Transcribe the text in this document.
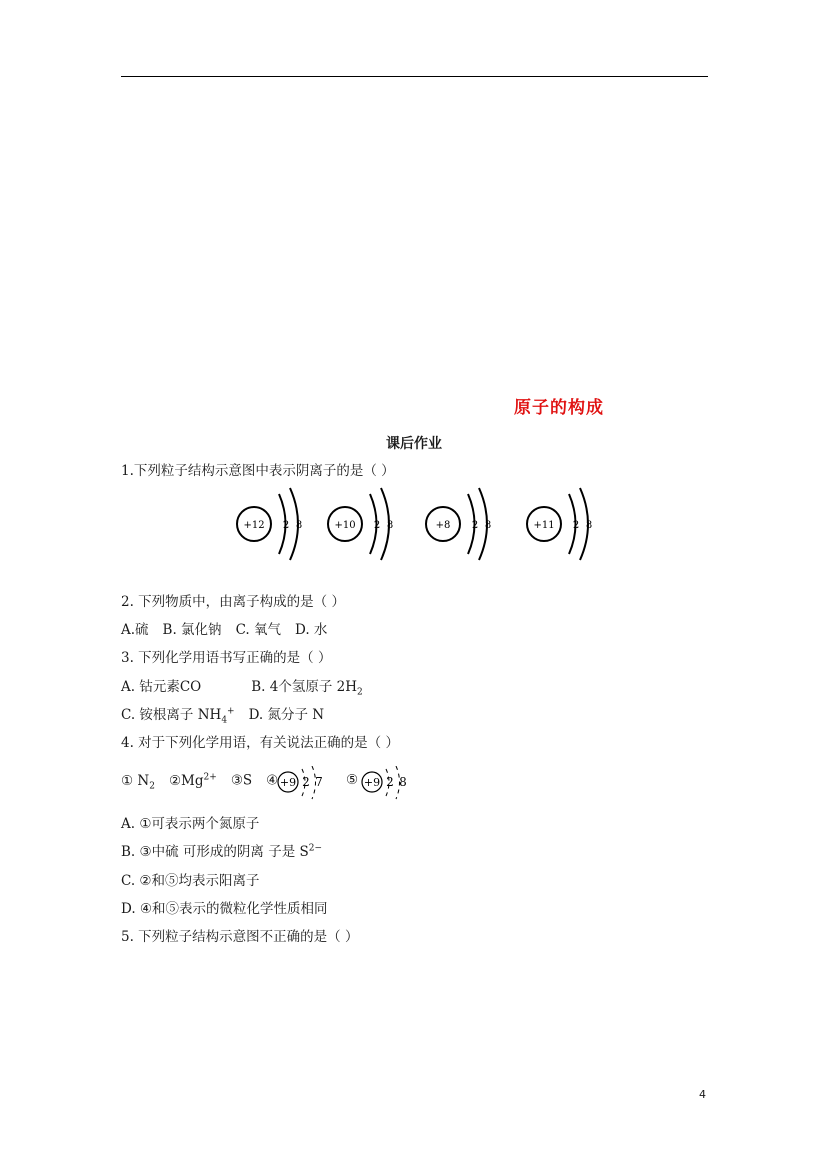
原子的构成
课后作业
1.下列粒子结构示意图中表示阴离子的是（ ）
+12 2 8	+10 2 8	+8 2 8	+11 2 8
2. 下列物质中，由离子构成的是（ ）
A.硫 B. 氯化钠 C. 氧气 D. 水
3. 下列化学用语书写正确的是（ ）
A. 钴元素CO	B. 4个氢原子 $2H_2$
C. 铵根离子 $NH_4^+$ D. 氮分子 N
4. 对于下列化学用语，有关说法正确的是（ ）
① $N_2$ $②Mg^{2+}$ ③S ④ +9 2 7 ⑤ +9 2 8
A. ①可表示两个氮原子
B. ③中硫 可形成的阴离 子是 $S^{2-}$
C. ②和⑤均表示阳离子
D. ④和⑤表示的微粒化学性质相同
5. 下列粒子结构示意图不正确的是（ ）
4
